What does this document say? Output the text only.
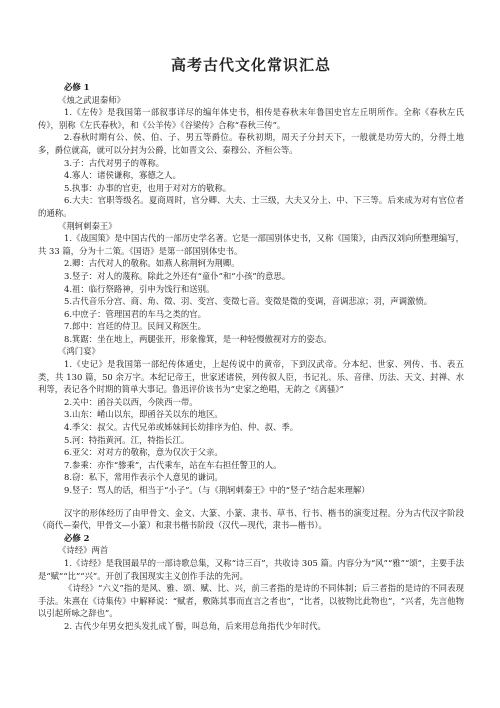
高考古代文化常识汇总

必修 1

《烛之武退秦师》

1.《左传》是我国第一部叙事详尽的编年体史书，相传是春秋末年鲁国史官左丘明所作。全称《春秋左氏传》，别称《左氏春秋》，和《公羊传》《谷梁传》合称“春秋三传”。

2.春秋时期有公、侯、伯、子、男五等爵位。春秋初期，周天子分封天下，一般就是功劳大的，分得土地多，爵位就高，就可以分封为公爵，比如晋文公、秦穆公、齐桓公等。

3.子：古代对男子的尊称。

4.寡人：诸侯谦称，寡德之人。

5.执事：办事的官吏，也用于对对方的敬称。

6.大夫：官职等级名。夏商周时，官分卿、大夫、士三级，大夫又分上、中、下三等。后来成为对有官位者的通称。

《荆轲刺秦王》

1.《战国策》是中国古代的一部历史学名著。它是一部国别体史书，又称《国策》，由西汉刘向所整理编写，共 33 篇，分为十二策。《国语》是第一部国别体史书。

2.卿：古代对人的敬称。如燕人称荆轲为荆卿。

3.竖子：对人的蔑称。除此之外还有“童仆”和“小孩”的意思。

4.祖：临行祭路神，引申为饯行和送别。

5.古代音乐分宫、商、角、徵、羽、变宫、变徵七音。变徵是徵的变调，音调悲凉；羽，声调激愤。

6.中庶子：管理国君的车马之类的官。

7.郎中：宫廷的侍卫。民间又称医生。

8.箕踞：坐在地上，两腿张开，形象像箕，是一种轻慢傲视对方的姿态。

《鸿门宴》

1.《史记》是我国第一部纪传体通史，上起传说中的黄帝，下到汉武帝。分本纪、世家、列传、书、表五类，共 130 篇，50 余万字。本纪记帝王，世家述诸侯，列传叙人臣，书记礼、乐、音律、历法、天文、封禅、水利等，表记各个时期的简单大事记。鲁迅评价该书为“史家之绝唱，无韵之《离骚》”

2.关中：函谷关以西，今陕西一带。

3.山东：崤山以东，即函谷关以东的地区。

4.季父：叔父。古代兄弟或姊妹间长幼排序为伯、仲、叔、季。

5.河：特指黄河。江，特指长江。

6.亚父：对对方的敬称，意为仅次于父亲。

7.参乘：亦作“骖乘”，古代乘车，站在车右担任警卫的人。

8.窃：私下，常用作表示个人意见的谦词。

9.竖子：骂人的话，相当于“小子”。（与《荆轲刺秦王》中的“竖子”结合起来理解）

汉字的形体经历了由甲骨文、金文、大篆、小篆、隶书、草书、行书、楷书的演变过程。分为古代汉字阶段（商代—秦代，甲骨文—小篆）和隶书楷书阶段（汉代—现代，隶书—楷书）。

必修 2

《诗经》两首

1.《诗经》是我国最早的一部诗歌总集，又称“诗三百”，共收诗 305 篇。内容分为“风”“雅”“颂”，主要手法是“赋”“比”“兴”。开创了我国现实主义创作手法的先河。

《诗经》“六义”指的是风、雅、颂、赋、比、兴，前三者指的是诗的不同体制；后三者指的是诗的不同表现手法。朱熹在《诗集传》中解释说：“赋者，敷陈其事而直言之者也”，“比者，以彼物比此物也”，“兴者，先言他物以引起所咏之辞也”。

2. 古代少年男女把头发扎成丫髻，叫总角，后来用总角指代少年时代。
